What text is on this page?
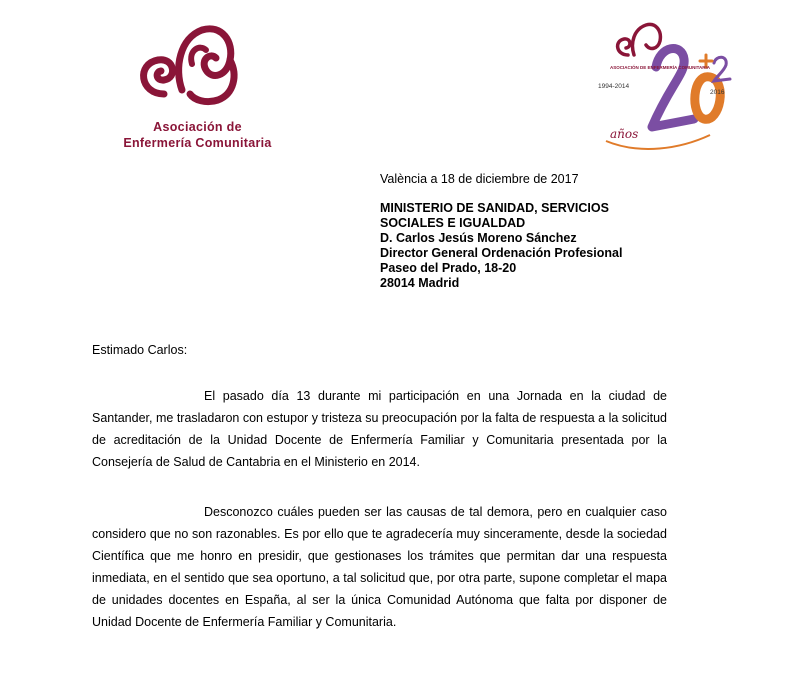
Asociación de
Enfermería Comunitaria
ASOCIACIÓN DE ENFERMERÍA COMUNITARIA
1994-2014
2016
años
València a 18 de diciembre de 2017
MINISTERIO DE SANIDAD, SERVICIOS
SOCIALES E IGUALDAD
D. Carlos Jesús Moreno Sánchez
Director General Ordenación Profesional
Paseo del Prado, 18-20
28014 Madrid
Estimado Carlos:

El pasado día 13 durante mi participación en una Jornada en la ciudad de Santander, me trasladaron con estupor y tristeza su preocupación por la falta de respuesta a la solicitud de acreditación de la Unidad Docente de Enfermería Familiar y Comunitaria presentada por la Consejería de Salud de Cantabria en el Ministerio en 2014.

Desconozco cuáles pueden ser las causas de tal demora, pero en cualquier caso considero que no son razonables. Es por ello que te agradecería muy sinceramente, desde la sociedad Científica que me honro en presidir, que gestionases los trámites que permitan dar una respuesta inmediata, en el sentido que sea oportuno, a tal solicitud que, por otra parte, supone completar el mapa de unidades docentes en España, al ser la única Comunidad Autónoma que falta por disponer de Unidad Docente de Enfermería Familiar y Comunitaria.
